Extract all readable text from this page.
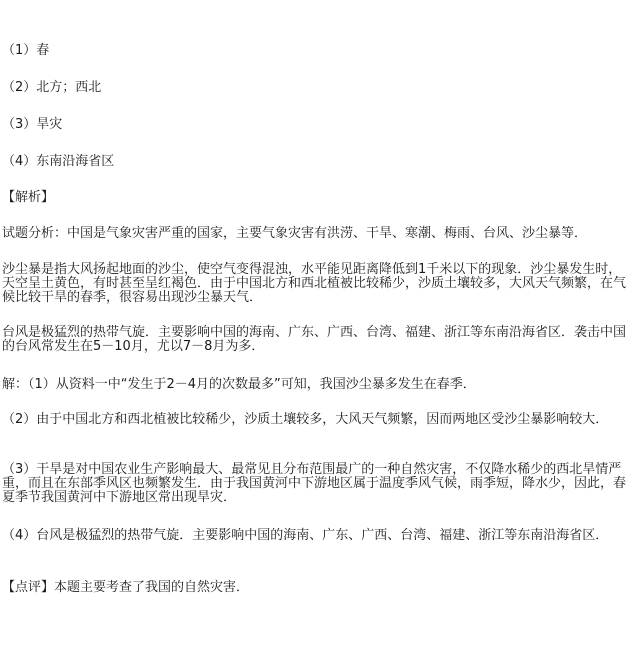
（1）春
（2）北方；西北
（3）旱灾
（4）东南沿海省区
【解析】
试题分析：中国是气象灾害严重的国家，主要气象灾害有洪涝、干旱、寒潮、梅雨、台风、沙尘暴等．
沙尘暴是指大风扬起地面的沙尘，使空气变得混浊，水平能见距离降低到1千米以下的现象．沙尘暴发生时，天空呈土黄色，有时甚至呈红褐色．由于中国北方和西北植被比较稀少，沙质土壤较多，大风天气频繁，在气候比较干旱的春季，很容易出现沙尘暴天气．
台风是极猛烈的热带气旋．主要影响中国的海南、广东、广西、台湾、福建、浙江等东南沿海省区．袭击中国的台风常发生在5－10月，尤以7－8月为多．
解：（1）从资料一中“发生于2－4月的次数最多”可知，我国沙尘暴多发生在春季．
（2）由于中国北方和西北植被比较稀少，沙质土壤较多，大风天气频繁，因而两地区受沙尘暴影响较大．
（3）干旱是对中国农业生产影响最大、最常见且分布范围最广的一种自然灾害，不仅降水稀少的西北旱情严重，而且在东部季风区也频繁发生．由于我国黄河中下游地区属于温度季风气候，雨季短，降水少，因此，春夏季节我国黄河中下游地区常出现旱灾．
（4）台风是极猛烈的热带气旋．主要影响中国的海南、广东、广西、台湾、福建、浙江等东南沿海省区．
【点评】本题主要考查了我国的自然灾害．
